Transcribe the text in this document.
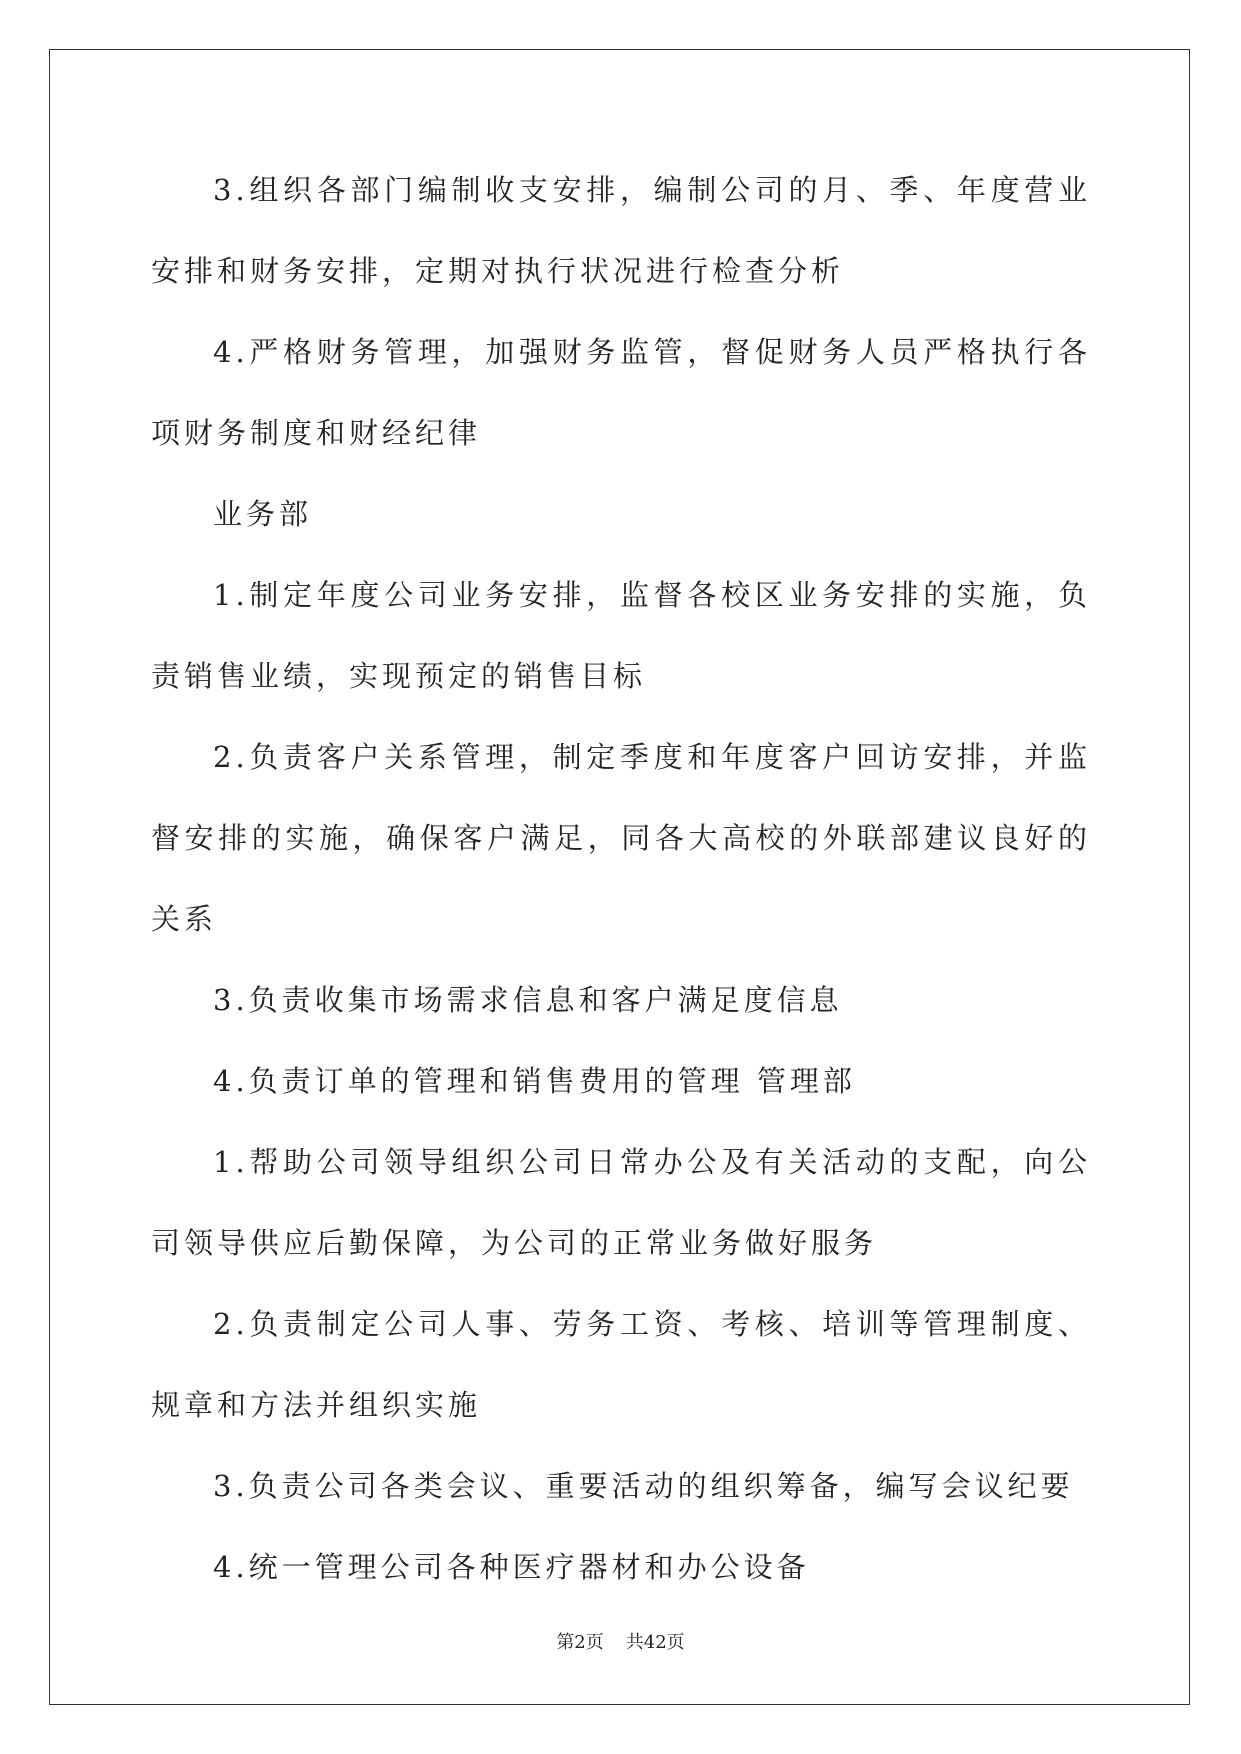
3.组织各部门编制收支安排，编制公司的月、季、年度营业安排和财务安排，定期对执行状况进行检查分析

4.严格财务管理，加强财务监管，督促财务人员严格执行各项财务制度和财经纪律

业务部

1.制定年度公司业务安排，监督各校区业务安排的实施，负责销售业绩，实现预定的销售目标

2.负责客户关系管理，制定季度和年度客户回访安排，并监督安排的实施，确保客户满足，同各大高校的外联部建议良好的关系

3.负责收集市场需求信息和客户满足度信息

4.负责订单的管理和销售费用的管理 管理部

1.帮助公司领导组织公司日常办公及有关活动的支配，向公司领导供应后勤保障，为公司的正常业务做好服务

2.负责制定公司人事、劳务工资、考核、培训等管理制度、规章和方法并组织实施

3.负责公司各类会议、重要活动的组织筹备，编写会议纪要

4.统一管理公司各种医疗器材和办公设备

第2页 共42页
